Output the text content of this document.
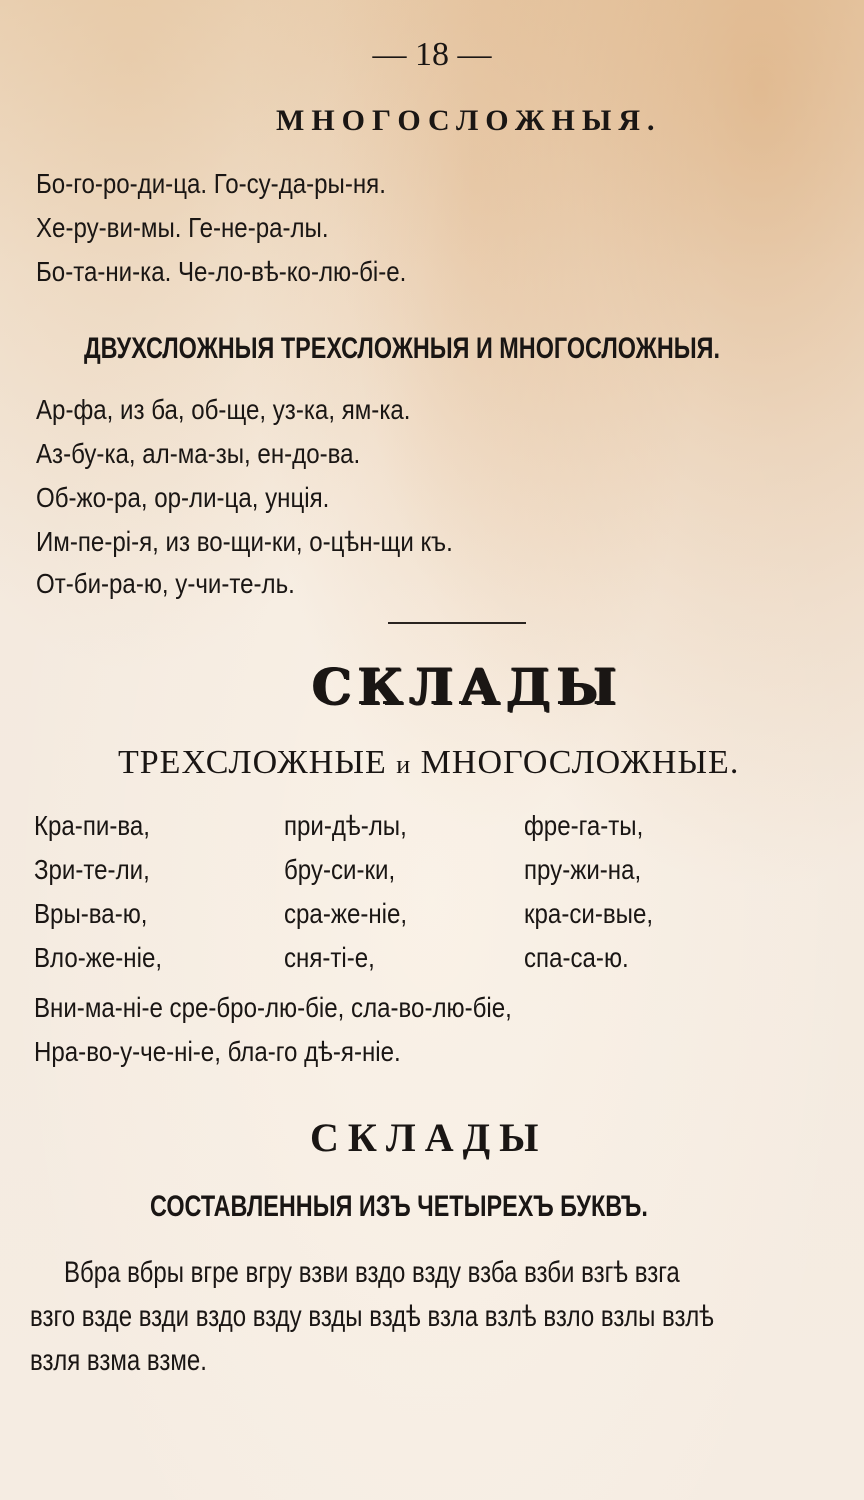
— 18 —
МНОГОСЛОЖНЫЯ.
Бо-го-ро-ди-ца. Го-су-да-ры-ня.
Хе-ру-ви-мы. Ге-не-ра-лы.
Бо-та-ни-ка. Че-ло-вѣ-ко-лю-бі-е.
ДВУХСЛОЖНЫЯ ТРЕХСЛОЖНЫЯ И МНОГОСЛОЖНЫЯ.
Ар-фа, из ба, об-ще, уз-ка, ям-ка.
Аз-бу-ка, ал-ма-зы, ен-до-ва.
Об-жо-ра, ор-ли-ца, унція.
Им-пе-рі-я, из во-щи-ки, о-цѣн-щи къ.
От-би-ра-ю, у-чи-те-ль.
СКЛАДЫ
ТРЕХСЛОЖНЫЕ и МНОГОСЛОЖНЫЕ.
Кра-пи-ва,
Зри-те-ли,
Вры-ва-ю,
Вло-же-ніе,
при-дѣ-лы,
бру-си-ки,
сра-же-ніе,
сня-ті-е,
фре-га-ты,
пру-жи-на,
кра-си-вые,
спа-са-ю.
Вни-ма-ні-е сре-бро-лю-біе, сла-во-лю-біе,
Нра-во-у-че-ні-е, бла-го дѣ-я-ніе.
СКЛАДЫ
СОСТАВЛЕННЫЯ ИЗЪ ЧЕТЫРЕХЪ БУКВЪ.
Вбра вбры вгре вгру взви вздо вздy взба взби взгѣ взга
взго взде взди вздо вздy взды вздѣ взла взлѣ взло взлы взлѣ
взля взма взме.
